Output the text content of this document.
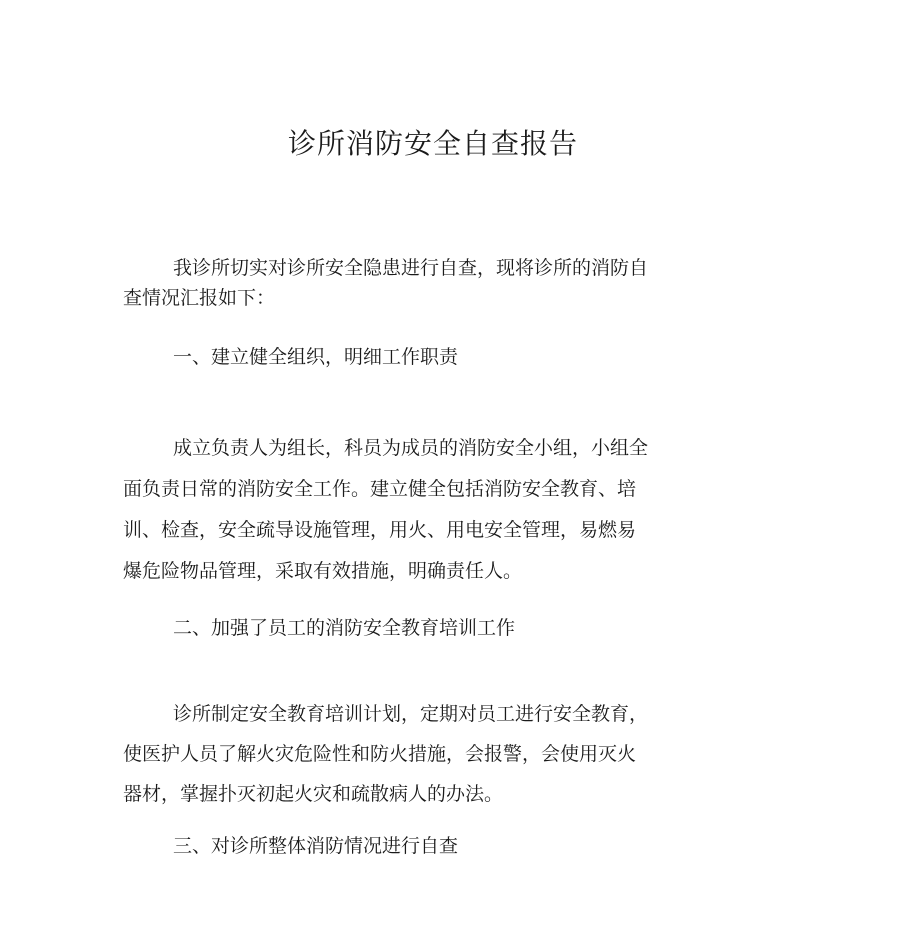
诊所消防安全自查报告
我诊所切实对诊所安全隐患进行自查，现将诊所的消防自
查情况汇报如下：
一、建立健全组织，明细工作职责
成立负责人为组长，科员为成员的消防安全小组，小组全
面负责日常的消防安全工作。建立健全包括消防安全教育、培
训、检查，安全疏导设施管理，用火、用电安全管理，易燃易
爆危险物品管理，采取有效措施，明确责任人。
二、加强了员工的消防安全教育培训工作
诊所制定安全教育培训计划，定期对员工进行安全教育，
使医护人员了解火灾危险性和防火措施，会报警，会使用灭火
器材，掌握扑灭初起火灾和疏散病人的办法。
三、对诊所整体消防情况进行自查
